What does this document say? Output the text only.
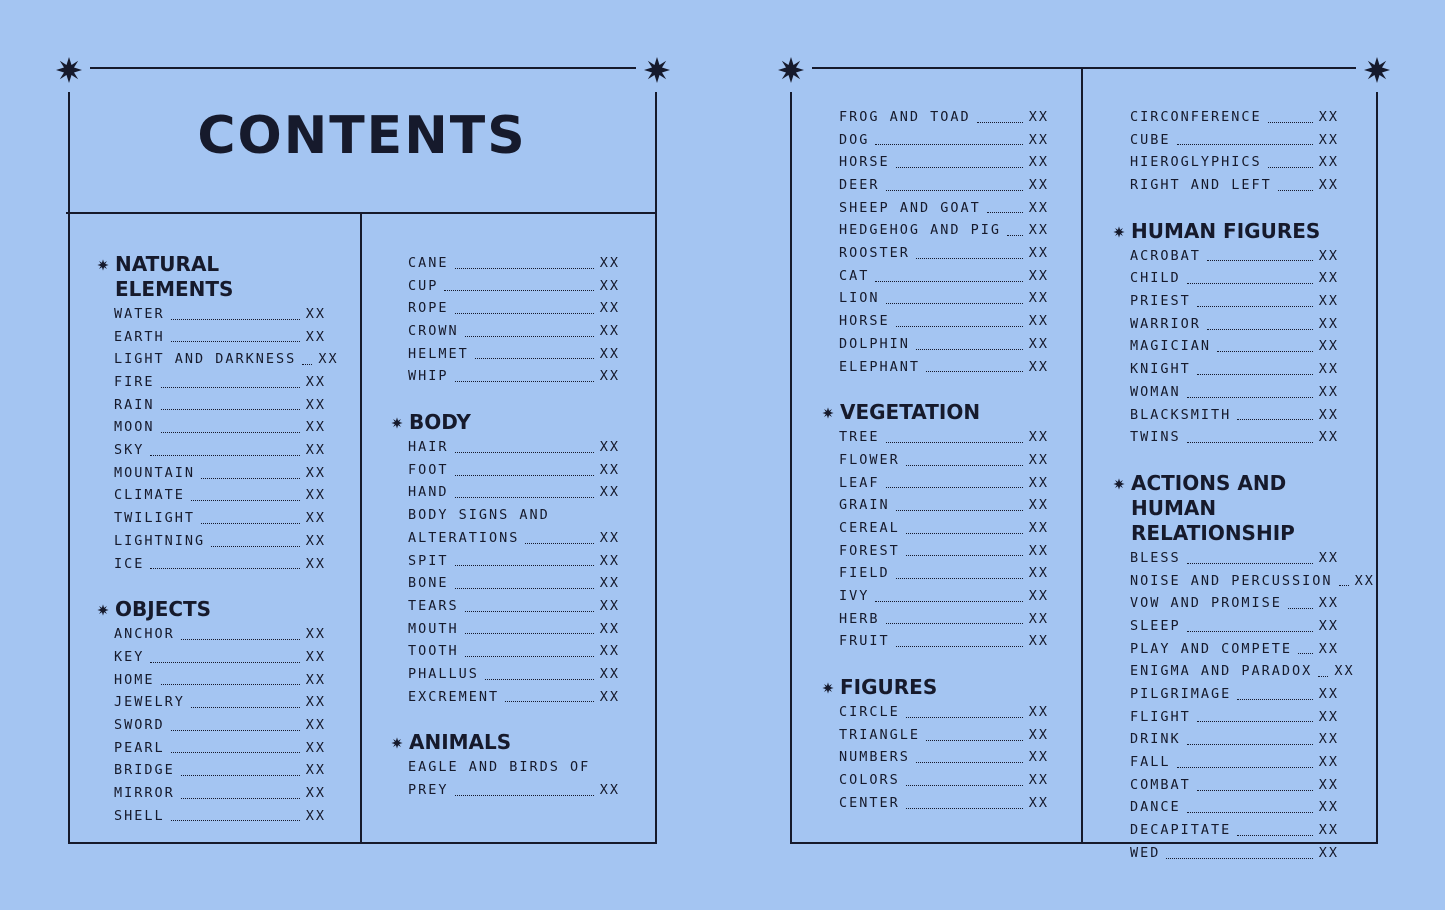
CONTENTS
NATURAL ELEMENTS
WATER	XX
EARTH	XX
LIGHT AND DARKNESS XX
FIRE	XX
RAIN	XX
MOON	XX
SKY	XX
MOUNTAIN	XX
CLIMATE	XX
TWILIGHT	XX
LIGHTNING	XX
ICE	XX
OBJECTS
ANCHOR	XX
KEY	XX
HOME	XX
JEWELRY	XX
SWORD	XX
PEARL	XX
BRIDGE	XX
MIRROR	XX
SHELL	XX
CANE	XX
CUP	XX
ROPE	XX
CROWN	XX
HELMET	XX
WHIP	XX
BODY
HAIR	XX
FOOT	XX
HAND	XX
BODY SIGNS AND
ALTERATIONS	XX
SPIT	XX
BONE	XX
TEARS	XX
MOUTH	XX
TOOTH	XX
PHALLUS	XX
EXCREMENT	XX
ANIMALS
EAGLE AND BIRDS OF
PREY	XX
FROG AND TOAD	XX
DOG	XX
HORSE	XX
DEER	XX
SHEEP AND GOAT	XX
HEDGEHOG AND PIG XX
ROOSTER	XX
CAT	XX
LION	XX
HORSE	XX
DOLPHIN	XX
ELEPHANT	XX
VEGETATION
TREE	XX
FLOWER	XX
LEAF	XX
GRAIN	XX
CEREAL	XX
FOREST	XX
FIELD	XX
IVY	XX
HERB	XX
FRUIT	XX
FIGURES
CIRCLE	XX
TRIANGLE	XX
NUMBERS	XX
COLORS	XX
CENTER	XX
CIRCONFERENCE	XX
CUBE	XX
HIEROGLYPHICS	XX
RIGHT AND LEFT	XX
HUMAN FIGURES
ACROBAT	XX
CHILD	XX
PRIEST	XX
WARRIOR	XX
MAGICIAN	XX
KNIGHT	XX
WOMAN	XX
BLACKSMITH	XX
TWINS	XX
ACTIONS AND HUMAN
RELATIONSHIP
BLESS	XX
NOISE AND PERCUSSION XX
VOW AND PROMISE	XX
SLEEP	XX
PLAY AND COMPETE XX
ENIGMA AND PARADOX XX
PILGRIMAGE	XX
FLIGHT	XX
DRINK	XX
FALL	XX
COMBAT	XX
DANCE	XX
DECAPITATE	XX
WED	XX
